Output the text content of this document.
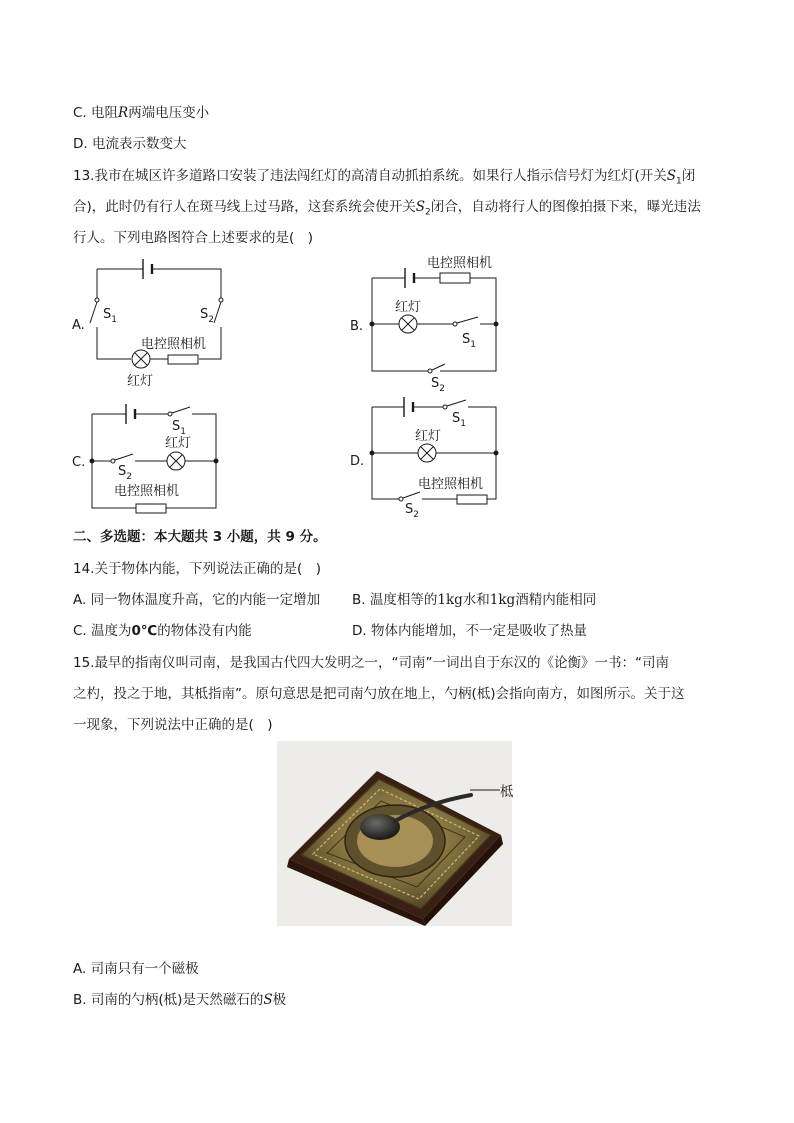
C. 电阻R两端电压变小
D. 电流表示数变大
13.我市在城区许多道路口安装了违法闯红灯的高清自动抓拍系统。如果行人指示信号灯为红灯(开关$S_1$闭
合)，此时仍有行人在斑马线上过马路，这套系统会使开关$S_2$闭合，自动将行人的图像拍摄下来，曝光违法
行人。下列电路图符合上述要求的是(　)
A.
$S_1$	$S_2$
电控照相机
红灯
B.
电控照相机
红灯
$S_1$
$S_2$
C.
$S_1$
红灯
$S_2$
电控照相机
D.
$S_1$
红灯
电控照相机
$S_2$
二、多选题：本大题共 3 小题，共 9 分。
14.关于物体内能，下列说法正确的是(　)
A. 同一物体温度升高，它的内能一定增加 B. 温度相等的1kg水和1kg酒精内能相同
C. 温度为0℃的物体没有内能	D. 物体内能增加，不一定是吸收了热量
15.最早的指南仪叫司南，是我国古代四大发明之一，“司南”一词出自于东汉的《论衡》一书：“司南
之杓，投之于地，其柢指南”。原句意思是把司南勺放在地上，勺柄(柢)会指向南方，如图所示。关于这
一现象，下列说法中正确的是(　)
柢
A. 司南只有一个磁极
B. 司南的勺柄(柢)是天然磁石的S极
